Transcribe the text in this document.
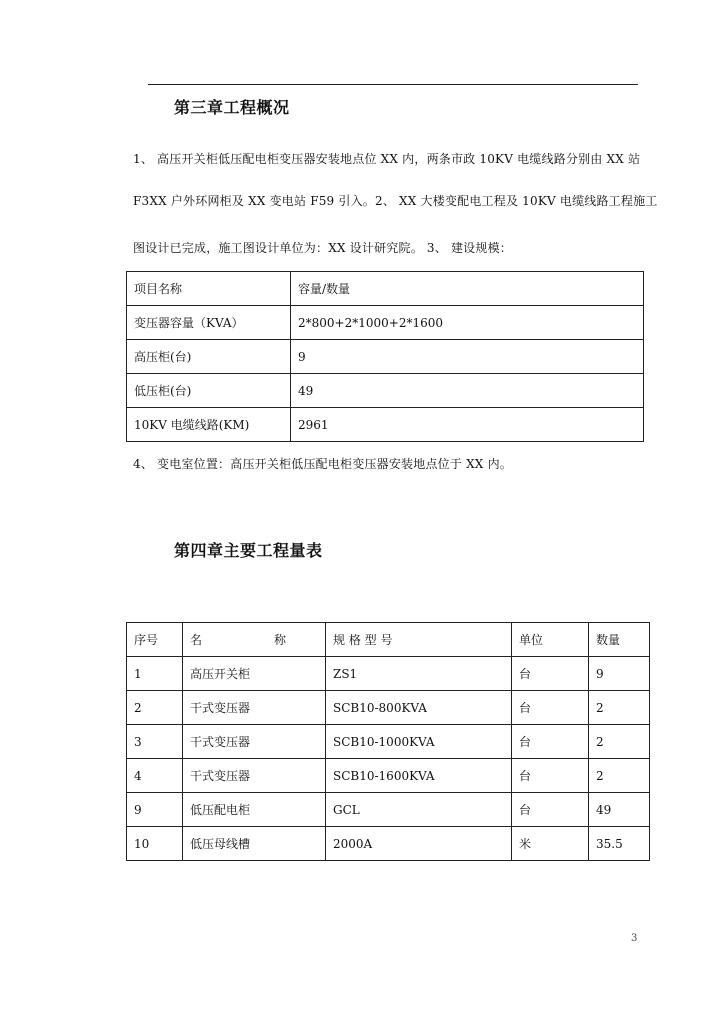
第三章工程概况
1、 高压开关柜低压配电柜变压器安装地点位 XX 内，两条市政 10KV 电缆线路分别由 XX 站
F3XX 户外环网柜及 XX 变电站 F59 引入。2、 XX 大楼变配电工程及 10KV 电缆线路工程施工
图设计已完成，施工图设计单位为：XX 设计研究院。 3、 建设规模：
项目名称	容量/数量
变压器容量（KVA）	2*800+2*1000+2*1600
高压柜(台)	9
低压柜(台)	49
10KV 电缆线路(KM)	2961
4、 变电室位置：高压开关柜低压配电柜变压器安装地点位于 XX 内。
第四章主要工程量表
序号	名 称	规 格 型 号	单位	数量
1	高压开关柜	ZS1	台	9
2	干式变压器	SCB10-800KVA	台	2
3	干式变压器	SCB10-1000KVA	台	2
4	干式变压器	SCB10-1600KVA	台	2
9	低压配电柜	GCL	台	49
10	低压母线槽	2000A	米	35.5
3
